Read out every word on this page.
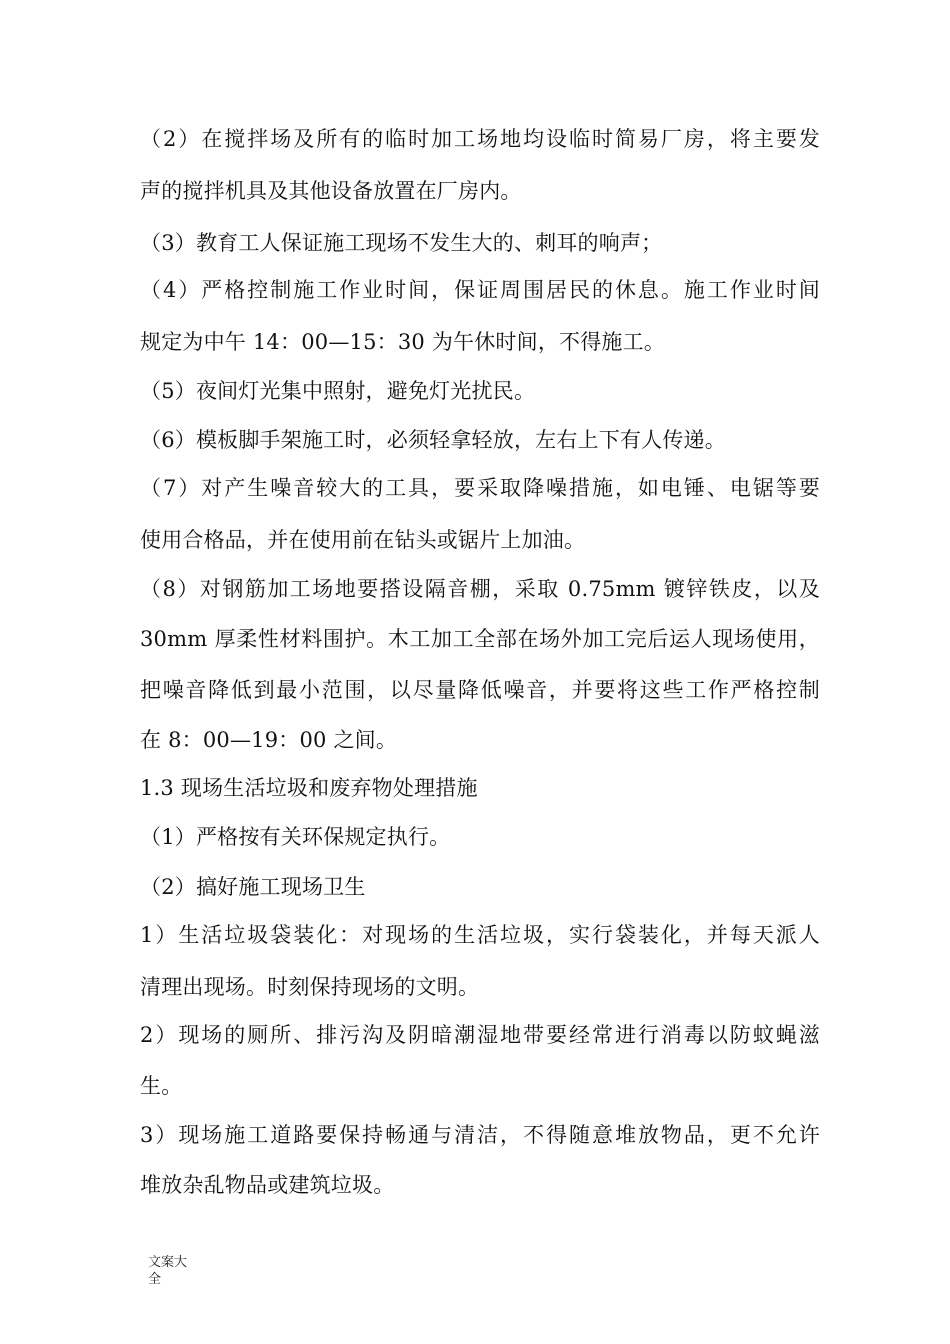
（2）在搅拌场及所有的临时加工场地均设临时简易厂房，将主要发
声的搅拌机具及其他设备放置在厂房内。
（3）教育工人保证施工现场不发生大的、刺耳的响声；
（4）严格控制施工作业时间，保证周围居民的休息。施工作业时间
规定为中午 14：00—15：30 为午休时间，不得施工。
（5）夜间灯光集中照射，避免灯光扰民。
（6）模板脚手架施工时，必须轻拿轻放，左右上下有人传递。
（7）对产生噪音较大的工具，要采取降噪措施，如电锤、电锯等要
使用合格品，并在使用前在钻头或锯片上加油。
（8）对钢筋加工场地要搭设隔音棚，采取 0.75mm 镀锌铁皮，以及
30mm 厚柔性材料围护。木工加工全部在场外加工完后运人现场使用，
把噪音降低到最小范围，以尽量降低噪音，并要将这些工作严格控制
在 8：00—19：00 之间。
1.3 现场生活垃圾和废弃物处理措施
（1）严格按有关环保规定执行。
（2）搞好施工现场卫生
1）生活垃圾袋装化：对现场的生活垃圾，实行袋装化，并每天派人
清理出现场。时刻保持现场的文明。
2）现场的厕所、排污沟及阴暗潮湿地带要经常进行消毒以防蚊蝇滋
生。
3）现场施工道路要保持畅通与清洁，不得随意堆放物品，更不允许
堆放杂乱物品或建筑垃圾。
文案大
全
